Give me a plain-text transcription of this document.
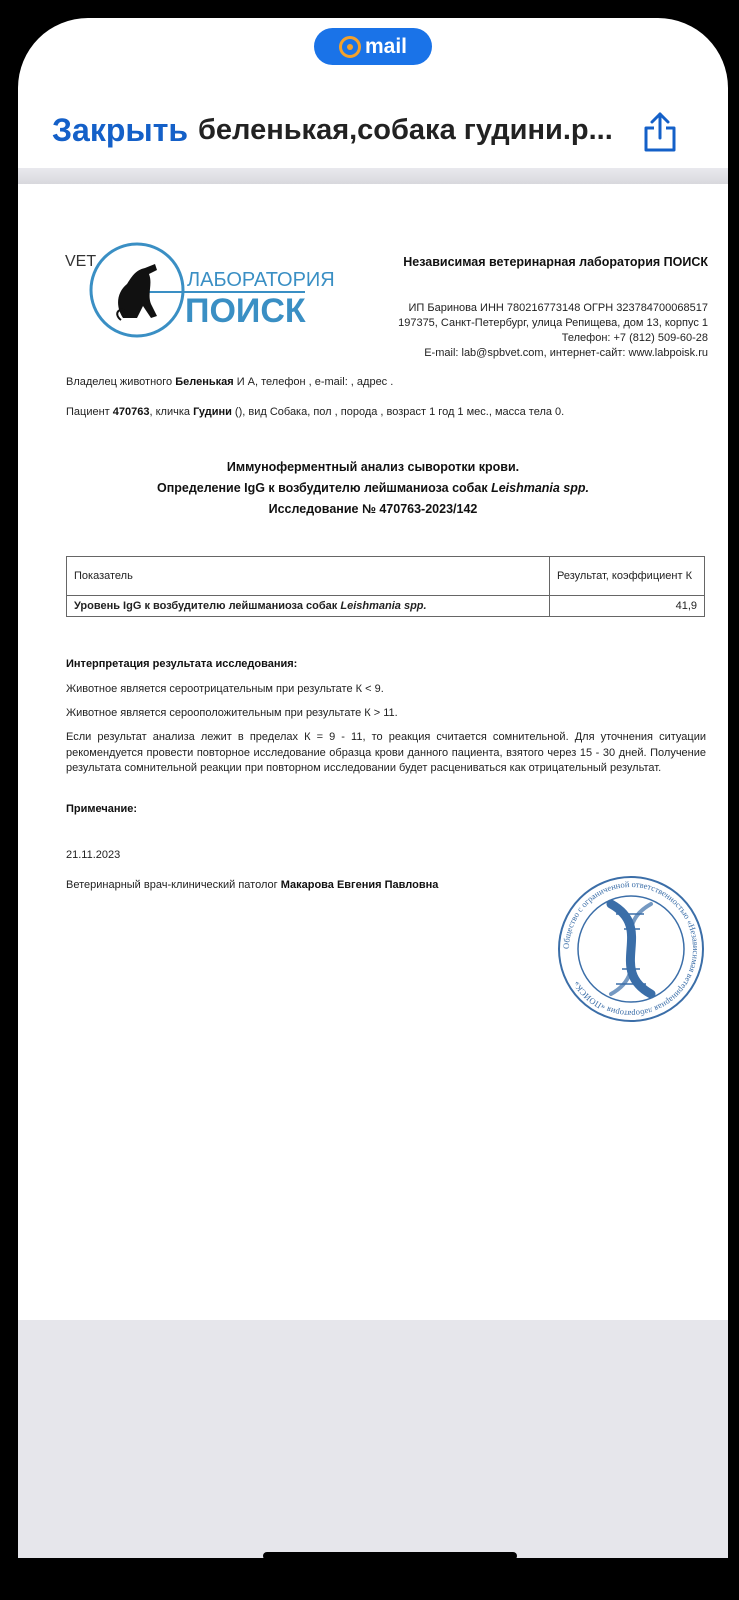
mail
Закрыть беленькая,собака гудини.р...
VET
ЛАБОРАТОРИЯ
ПОИСК
Независимая ветеринарная лаборатория ПОИСК
ИП Баринова ИНН 780216773148 ОГРН 323784700068517
197375, Санкт-Петербург, улица Репищева, дом 13, корпус 1
Телефон: +7 (812) 509-60-28
E-mail: lab@spbvet.com, интернет-сайт: www.labpoisk.ru
Владелец животного Беленькая И А, телефон , e-mail: , адрес .
Пациент 470763, кличка Гудини (), вид Собака, пол , порода , возраст 1 год 1 мес., масса тела 0.
Иммуноферментный анализ сыворотки крови.
Определение IgG к возбудителю лейшманиоза собак Leishmania spp.
Исследование № 470763-2023/142
Показатель	Результат, коэффициент К
Уровень IgG к возбудителю лейшманиоза собак Leishmania spp.	41,9
Интерпретация результата исследования:
Животное является сероотрицательным при результате К < 9.
Животное является серооположительным при результате К > 11.
Если результат анализа лежит в пределах К = 9 - 11, то реакция считается сомнительной. Для уточнения ситуации рекомендуется провести повторное исследование образца крови данного пациента, взятого через 15 - 30 дней. Получение результата сомнительной реакции при повторном исследовании будет расцениваться как отрицательный результат.
Примечание:
21.11.2023
Ветеринарный врач-клинический патолог Макарова Евгения Павловна
Общество с ограниченной ответственностью «Независимая ветеринарная лаборатория «ПОИСК»
